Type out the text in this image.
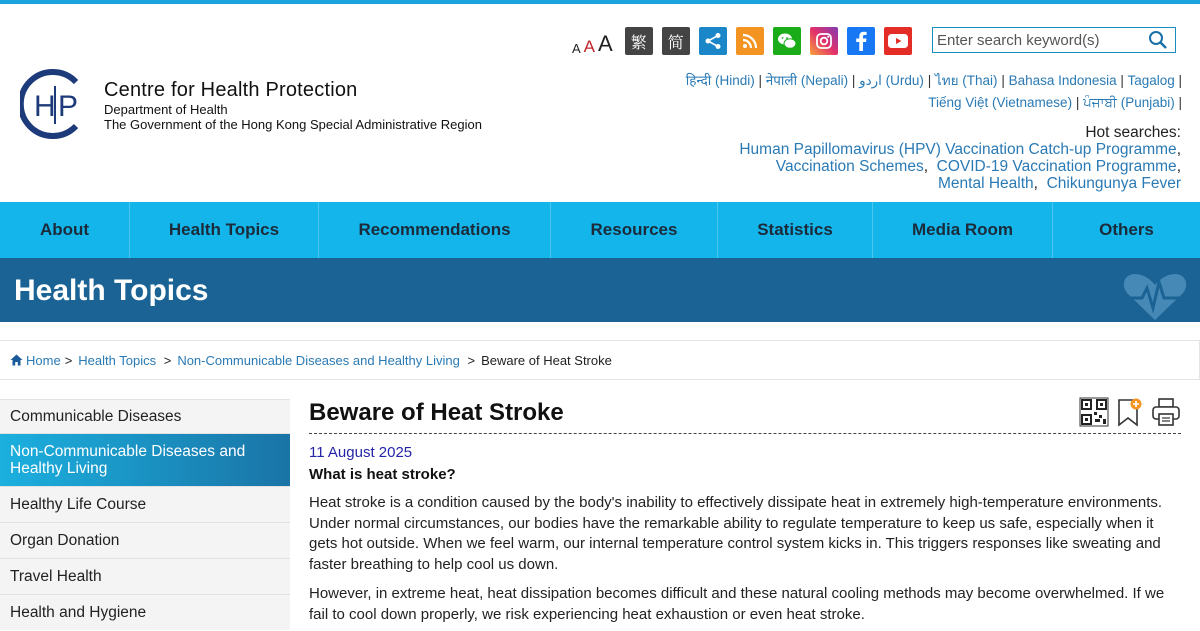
H P Centre for Health Protection
Department of Health
The Government of the Hong Kong Special Administrative Region
A A A	繁	简
Enter search keyword(s)
हिन्दी (Hindi) | नेपाली (Nepali) | اردو (Urdu) | ไทย (Thai) | Bahasa Indonesia | Tagalog |
Tiếng Việt (Vietnamese) | ਪੰਜਾਬੀ (Punjabi) |
Hot searches:
Human Papillomavirus (HPV) Vaccination Catch-up Programme,
Vaccination Schemes,  COVID-19 Vaccination Programme,
Mental Health,  Chikungunya Fever
About	Health Topics	Recommendations	Resources	Statistics	Media Room	Others
Health Topics
Home > Health Topics > Non-Communicable Diseases and Healthy Living > Beware of Heat Stroke
Communicable Diseases
Non-Communicable Diseases and Healthy Living
Healthy Life Course
Organ Donation
Travel Health
Health and Hygiene
Beware of Heat Stroke
11 August 2025
What is heat stroke?

Heat stroke is a condition caused by the body's inability to effectively dissipate heat in extremely high-temperature environments. Under normal circumstances, our bodies have the remarkable ability to regulate temperature to keep us safe, especially when it gets hot outside. When we feel warm, our internal temperature control system kicks in. This triggers responses like sweating and faster breathing to help cool us down.

However, in extreme heat, heat dissipation becomes difficult and these natural cooling methods may become overwhelmed. If we fail to cool down properly, we risk experiencing heat exhaustion or even heat stroke.
